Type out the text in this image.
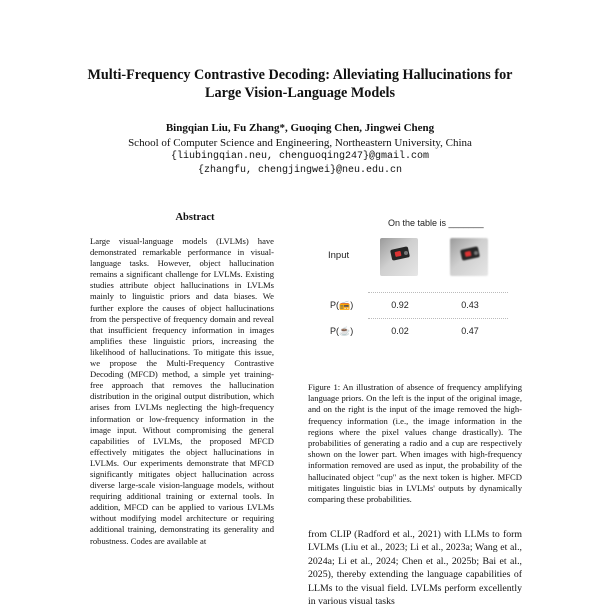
Multi-Frequency Contrastive Decoding: Alleviating Hallucinations for
Large Vision-Language Models
Bingqian Liu, Fu Zhang*, Guoqing Chen, Jingwei Cheng
School of Computer Science and Engineering, Northeastern University, China
{liubingqian.neu, chenguoqing247}@gmail.com
{zhangfu, chengjingwei}@neu.edu.cn
Abstract
Large visual-language models (LVLMs) have demonstrated remarkable performance in visual-language tasks. However, object hallucination remains a significant challenge for LVLMs. Existing studies attribute object hallucinations in LVLMs mainly to linguistic priors and data biases. We further explore the causes of object hallucinations from the perspective of frequency domain and reveal that insufficient frequency information in images amplifies these linguistic priors, increasing the likelihood of hallucinations. To mitigate this issue, we propose the Multi-Frequency Contrastive Decoding (MFCD) method, a simple yet training-free approach that removes the hallucination distribution in the original output distribution, which arises from LVLMs neglecting the high-frequency information or low-frequency information in the image input. Without compromising the general capabilities of LVLMs, the proposed MFCD effectively mitigates the object hallucinations in LVLMs. Our experiments demonstrate that MFCD significantly mitigates object hallucination across diverse large-scale vision-language models, without requiring additional training or external tools. In addition, MFCD can be applied to various LVLMs without modifying model architecture or requiring additional training, demonstrating its generality and robustness. Codes are available at
On the table is _______
Input
P(📻)	0.92	0.43
P(☕)	0.02	0.47
Figure 1: An illustration of absence of frequency amplifying language priors. On the left is the input of the original image, and on the right is the input of the image removed the high-frequency information (i.e., the image information in the regions where the pixel values change drastically). The probabilities of generating a radio and a cup are respectively shown on the lower part. When images with high-frequency information removed are used as input, the probability of the hallucinated object "cup" as the next token is higher. MFCD mitigates linguistic bias in LVLMs' outputs by dynamically comparing these probabilities.
from CLIP (Radford et al., 2021) with LLMs to form LVLMs (Liu et al., 2023; Li et al., 2023a; Wang et al., 2024a; Li et al., 2024; Chen et al., 2025b; Bai et al., 2025), thereby extending the language capabilities of LLMs to the visual field. LVLMs perform excellently in various visual tasks
